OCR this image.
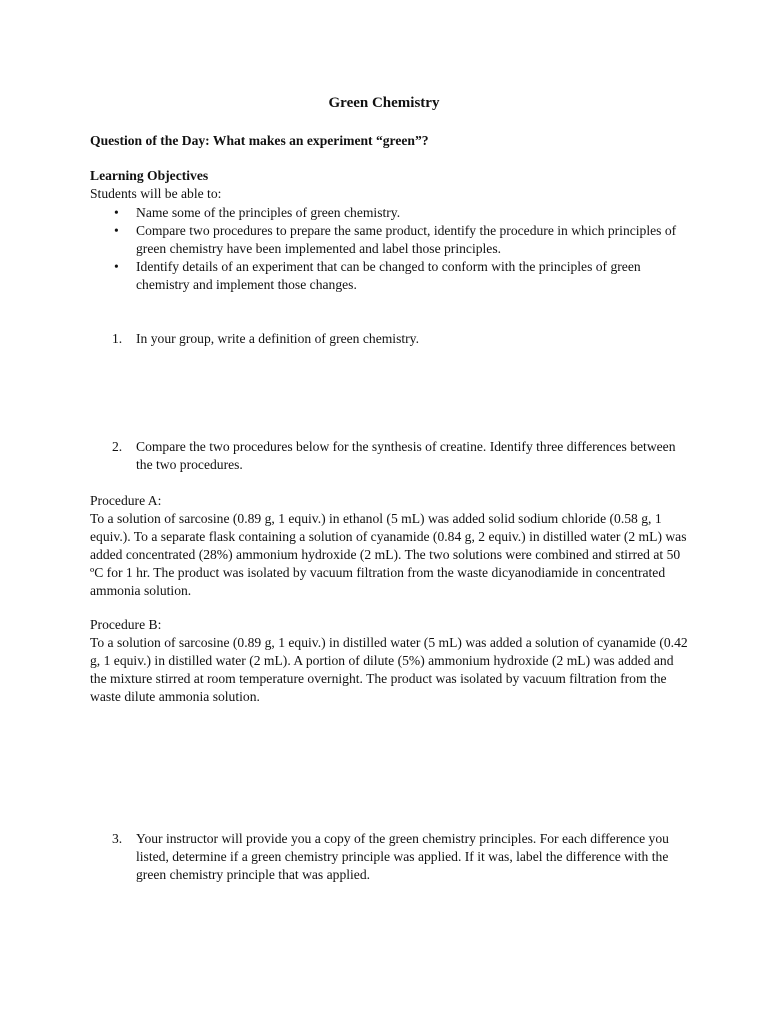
Green Chemistry
Question of the Day: What makes an experiment “green”?
Learning Objectives
Students will be able to:
• Name some of the principles of green chemistry.
• Compare two procedures to prepare the same product, identify the procedure in which principles of green chemistry have been implemented and label those principles.
• Identify details of an experiment that can be changed to conform with the principles of green chemistry and implement those changes.
1. In your group, write a definition of green chemistry.
2. Compare the two procedures below for the synthesis of creatine. Identify three differences between the two procedures.
Procedure A:
To a solution of sarcosine (0.89 g, 1 equiv.) in ethanol (5 mL) was added solid sodium chloride (0.58 g, 1 equiv.). To a separate flask containing a solution of cyanamide (0.84 g, 2 equiv.) in distilled water (2 mL) was added concentrated (28%) ammonium hydroxide (2 mL). The two solutions were combined and stirred at 50 ºC for 1 hr. The product was isolated by vacuum filtration from the waste dicyanodiamide in concentrated ammonia solution.
Procedure B:
To a solution of sarcosine (0.89 g, 1 equiv.) in distilled water (5 mL) was added a solution of cyanamide (0.42 g, 1 equiv.) in distilled water (2 mL). A portion of dilute (5%) ammonium hydroxide (2 mL) was added and the mixture stirred at room temperature overnight. The product was isolated by vacuum filtration from the waste dilute ammonia solution.
3. Your instructor will provide you a copy of the green chemistry principles. For each difference you listed, determine if a green chemistry principle was applied. If it was, label the difference with the green chemistry principle that was applied.
